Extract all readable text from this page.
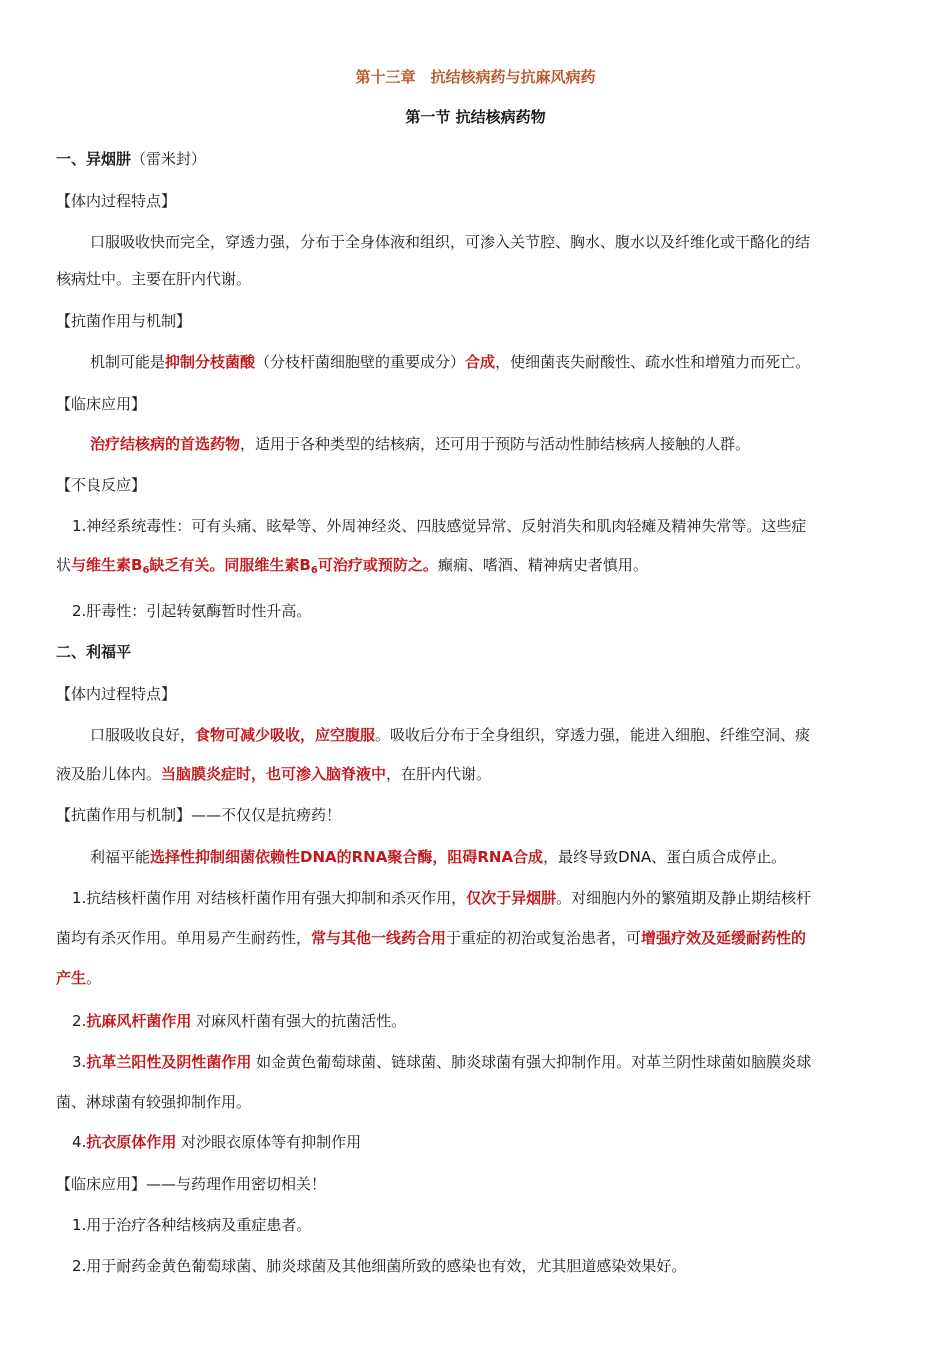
第十三章　抗结核病药与抗麻风病药
第一节 抗结核病药物
一、异烟肼（雷米封）
【体内过程特点】
口服吸收快而完全，穿透力强，分布于全身体液和组织，可渗入关节腔、胸水、腹水以及纤维化或干酪化的结
核病灶中。主要在肝内代谢。
【抗菌作用与机制】
机制可能是抑制分枝菌酸（分枝杆菌细胞壁的重要成分）合成，使细菌丧失耐酸性、疏水性和增殖力而死亡。
【临床应用】
治疗结核病的首选药物，适用于各种类型的结核病，还可用于预防与活动性肺结核病人接触的人群。
【不良反应】
1.神经系统毒性：可有头痛、眩晕等、外周神经炎、四肢感觉异常、反射消失和肌肉轻瘫及精神失常等。这些症
状与维生素$B_6$缺乏有关。同服维生素$B_6$可治疗或预防之。癫痫、嗜酒、精神病史者慎用。
2.肝毒性：引起转氨酶暂时性升高。
二、利福平
【体内过程特点】
口服吸收良好，食物可减少吸收，应空腹服。吸收后分布于全身组织，穿透力强，能进入细胞、纤维空洞、痰
液及胎儿体内。当脑膜炎症时，也可渗入脑脊液中，在肝内代谢。
【抗菌作用与机制】——不仅仅是抗痨药！
利福平能选择性抑制细菌依赖性DNA的RNA聚合酶，阻碍RNA合成，最终导致DNA、蛋白质合成停止。
1.抗结核杆菌作用 对结核杆菌作用有强大抑制和杀灭作用，仅次于异烟肼。对细胞内外的繁殖期及静止期结核杆
菌均有杀灭作用。单用易产生耐药性，常与其他一线药合用于重症的初治或复治患者，可增强疗效及延缓耐药性的
产生。
2.抗麻风杆菌作用 对麻风杆菌有强大的抗菌活性。
3.抗革兰阳性及阴性菌作用 如金黄色葡萄球菌、链球菌、肺炎球菌有强大抑制作用。对革兰阴性球菌如脑膜炎球
菌、淋球菌有较强抑制作用。
4.抗衣原体作用 对沙眼衣原体等有抑制作用
【临床应用】——与药理作用密切相关！
1.用于治疗各种结核病及重症患者。
2.用于耐药金黄色葡萄球菌、肺炎球菌及其他细菌所致的感染也有效，尤其胆道感染效果好。
